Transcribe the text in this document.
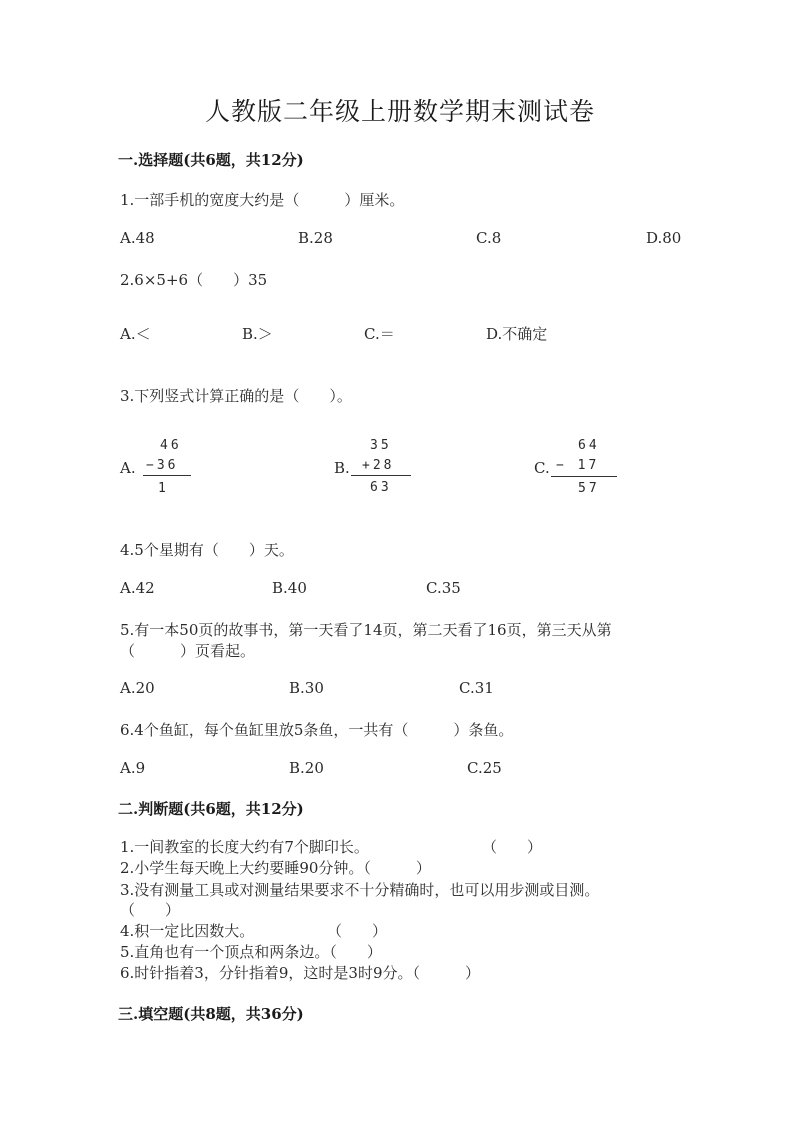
人教版二年级上册数学期末测试卷
一.选择题(共6题，共12分)
1.一部手机的宽度大约是（　　　）厘米。
A.48	B.28	C.8	D.80
2.6×5+6（　　）35
A.＜	B.＞	C.＝	D.不确定
3.下列竖式计算正确的是（　　）。
A.
46
−36
1
B.
35
+28
63
C.
64
− 17
57
4.5个星期有（　　）天。
A.42	B.40	C.35
5.有一本50页的故事书，第一天看了14页，第二天看了16页，第三天从第
（　　　）页看起。
A.20	B.30	C.31
6.4个鱼缸，每个鱼缸里放5条鱼，一共有（　　　）条鱼。
A.9	B.20	C.25
二.判断题(共6题，共12分)
1.一间教室的长度大约有7个脚印长。	（　　）
2.小学生每天晚上大约要睡90分钟。（　　　）
3.没有测量工具或对测量结果要求不十分精确时，也可以用步测或目测。
（　　）
4.积一定比因数大。	（　　）
5.直角也有一个顶点和两条边。（　　）
6.时针指着3，分针指着9，这时是3时9分。（　　　）
三.填空题(共8题，共36分)
